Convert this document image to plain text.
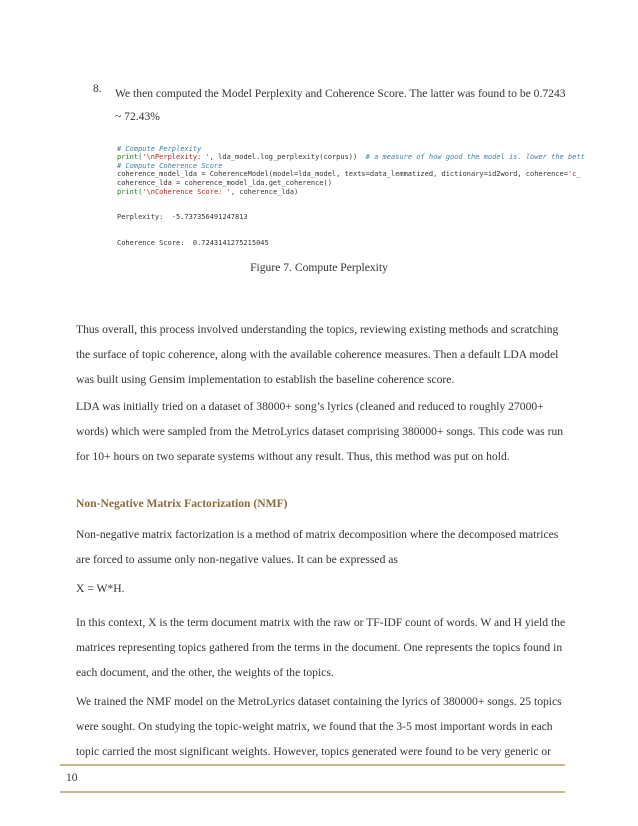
8. We then computed the Model Perplexity and Coherence Score. The latter was found to be 0.7243
~ 72.43%

# Compute Perplexity
print('\nPerplexity: ', lda_model.log_perplexity(corpus))  # a measure of how good the model is. lower the bett
# Compute Coherence Score
coherence_model_lda = CoherenceModel(model=lda_model, texts=data_lemmatized, dictionary=id2word, coherence='c_
coherence_lda = coherence_model_lda.get_coherence()
print('\nCoherence Score: ', coherence_lda)

Perplexity:  -5.737356491247813

Coherence Score:  0.7243141275215045

Figure 7. Compute Perplexity

Thus overall, this process involved understanding the topics, reviewing existing methods and scratching

the surface of topic coherence, along with the available coherence measures. Then a default LDA model

was built using Gensim implementation to establish the baseline coherence score.

LDA was initially tried on a dataset of 38000+ song’s lyrics (cleaned and reduced to roughly 27000+

words) which were sampled from the MetroLyrics dataset comprising 380000+ songs. This code was run

for 10+ hours on two separate systems without any result. Thus, this method was put on hold.

Non-Negative Matrix Factorization (NMF)

Non-negative matrix factorization is a method of matrix decomposition where the decomposed matrices

are forced to assume only non-negative values. It can be expressed as

X = W*H.

In this context, X is the term document matrix with the raw or TF-IDF count of words. W and H yield the

matrices representing topics gathered from the terms in the document. One represents the topics found in

each document, and the other, the weights of the topics.

We trained the NMF model on the MetroLyrics dataset containing the lyrics of 380000+ songs. 25 topics

were sought. On studying the topic-weight matrix, we found that the 3-5 most important words in each

topic carried the most significant weights. However, topics generated were found to be very generic or

10
